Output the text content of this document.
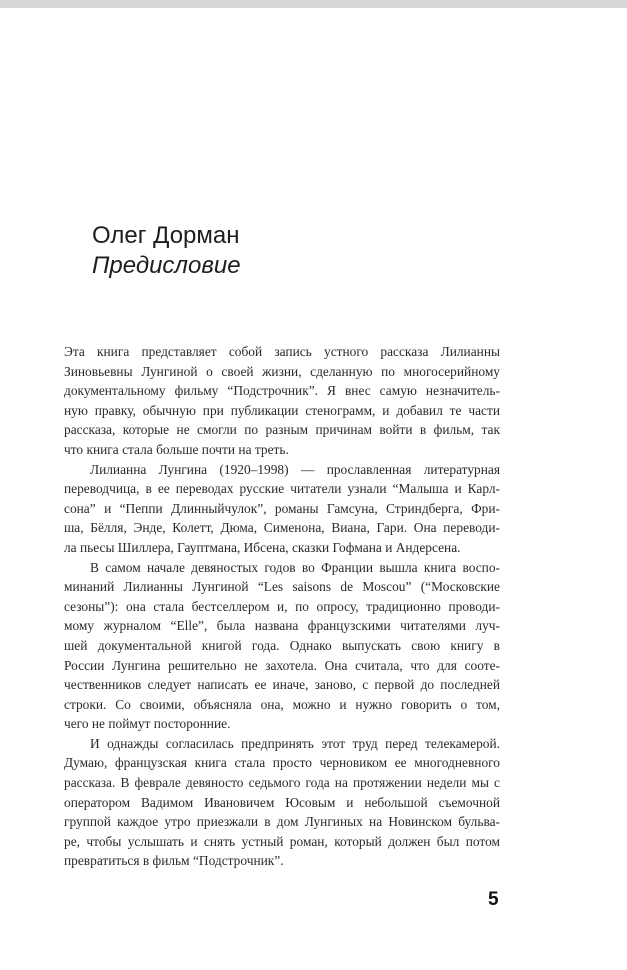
Олег Дорман
Предисловие
Эта книга представляет собой запись устного рассказа Лилианны
Зиновьевны Лунгиной о своей жизни, сделанную по многосерийному
документальному фильму “Подстрочник”. Я внес самую незначитель-
ную правку, обычную при публикации стенограмм, и добавил те части
рассказа, которые не смогли по разным причинам войти в фильм, так
что книга стала больше почти на треть.
Лилианна Лунгина (1920–1998) — прославленная литературная
переводчица, в ее переводах русские читатели узнали “Малыша и Карл-
сона” и “Пеппи Длинныйчулок”, романы Гамсуна, Стриндберга, Фри-
ша, Бёлля, Энде, Колетт, Дюма, Сименона, Виана, Гари. Она переводи-
ла пьесы Шиллера, Гауптмана, Ибсена, сказки Гофмана и Андерсена.
В самом начале девяностых годов во Франции вышла книга воспо-
минаний Лилианны Лунгиной “Les saisons de Moscou” (“Московские
сезоны”): она стала бестселлером и, по опросу, традиционно проводи-
мому журналом “Elle”, была названа французскими читателями луч-
шей документальной книгой года. Однако выпускать свою книгу в
России Лунгина решительно не захотела. Она считала, что для соотe-
чественников следует написать ее иначе, заново, с первой до последней
строки. Со своими, объясняла она, можно и нужно говорить о том,
чего не поймут посторонние.
И однажды согласилась предпринять этот труд перед телекамерой.
Думаю, французская книга стала просто черновиком ее многодневного
рассказа. В феврале девяносто седьмого года на протяжении недели мы с
оператором Вадимом Ивановичем Юсовым и небольшой съемочной
группой каждое утро приезжали в дом Лунгиных на Новинском бульва-
ре, чтобы услышать и снять устный роман, который должен был потом
превратиться в фильм “Подстрочник”.
5
